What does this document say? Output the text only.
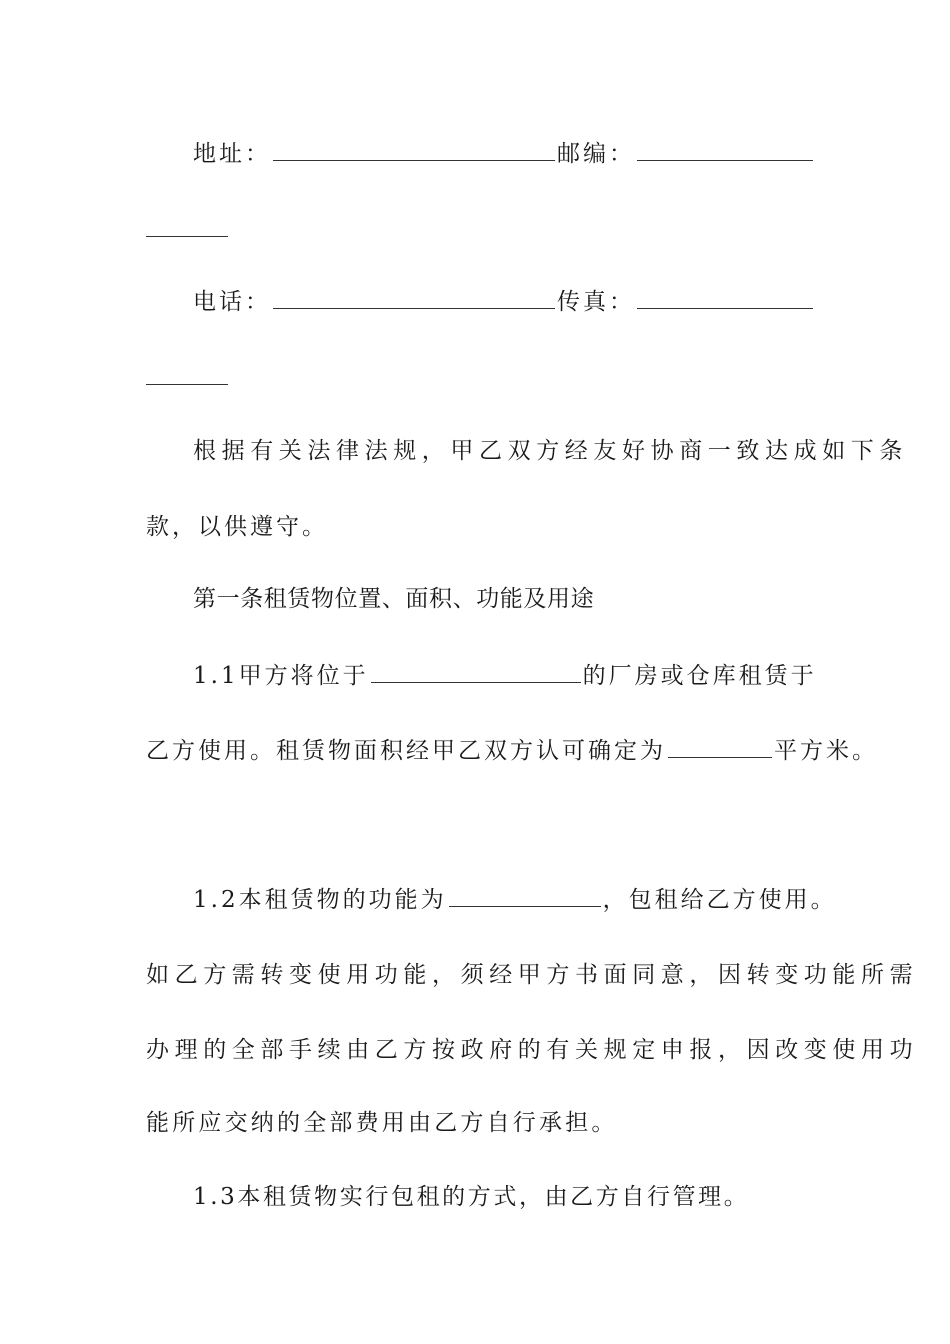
地址：	邮编：
电话：	传真：
根据有关法律法规，甲乙双方经友好协商一致达成如下条
款，以供遵守。
第一条租赁物位置、面积、功能及用途
1.1甲方将位于	的厂房或仓库租赁于
乙方使用。租赁物面积经甲乙双方认可确定为	平方米。
1.2本租赁物的功能为	，包租给乙方使用。
如乙方需转变使用功能，须经甲方书面同意，因转变功能所需
办理的全部手续由乙方按政府的有关规定申报，因改变使用功
能所应交纳的全部费用由乙方自行承担。
1.3本租赁物实行包租的方式，由乙方自行管理。
